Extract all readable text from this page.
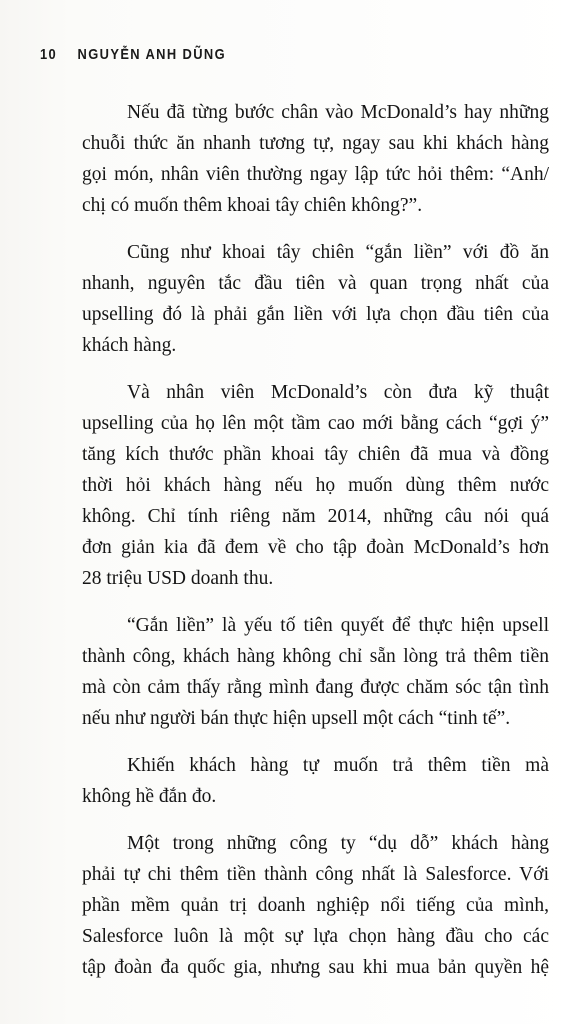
10 NGUYỄN ANH DŨNG
Nếu đã từng bước chân vào McDonald’s hay những
chuỗi thức ăn nhanh tương tự, ngay sau khi khách hàng
gọi món, nhân viên thường ngay lập tức hỏi thêm: “Anh/
chị có muốn thêm khoai tây chiên không?”.
Cũng như khoai tây chiên “gắn liền” với đồ ăn
nhanh, nguyên tắc đầu tiên và quan trọng nhất của
upselling đó là phải gắn liền với lựa chọn đầu tiên của
khách hàng.
Và nhân viên McDonald’s còn đưa kỹ thuật
upselling của họ lên một tầm cao mới bằng cách “gợi ý”
tăng kích thước phần khoai tây chiên đã mua và đồng
thời hỏi khách hàng nếu họ muốn dùng thêm nước
không. Chỉ tính riêng năm 2014, những câu nói quá
đơn giản kia đã đem về cho tập đoàn McDonald’s hơn
28 triệu USD doanh thu.
“Gắn liền” là yếu tố tiên quyết để thực hiện upsell
thành công, khách hàng không chỉ sẵn lòng trả thêm tiền
mà còn cảm thấy rằng mình đang được chăm sóc tận tình
nếu như người bán thực hiện upsell một cách “tinh tế”.
Khiến khách hàng tự muốn trả thêm tiền mà
không hề đắn đo.
Một trong những công ty “dụ dỗ” khách hàng
phải tự chi thêm tiền thành công nhất là Salesforce. Với
phần mềm quản trị doanh nghiệp nổi tiếng của mình,
Salesforce luôn là một sự lựa chọn hàng đầu cho các
tập đoàn đa quốc gia, nhưng sau khi mua bản quyền hệ
